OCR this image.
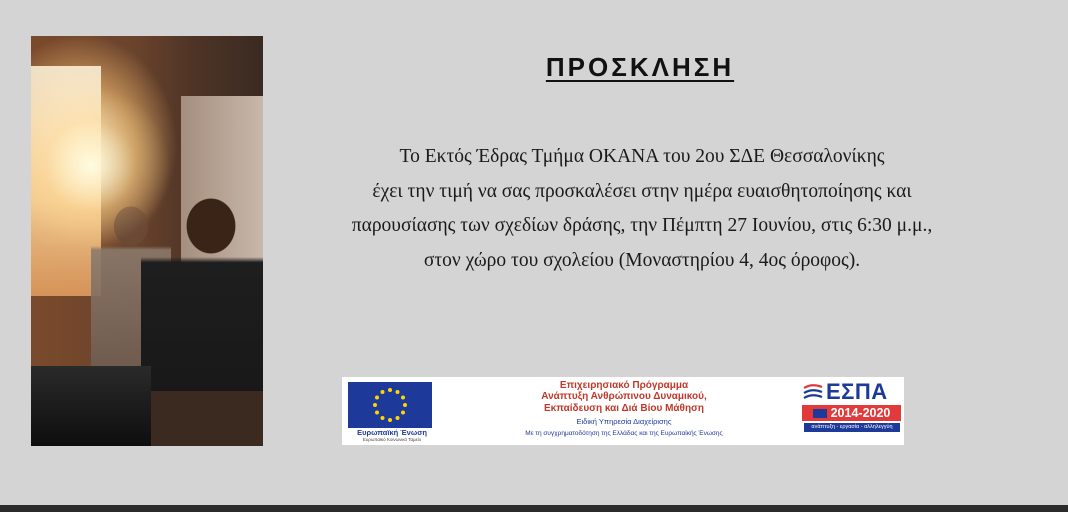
ΠΡΟΣΚΛΗΣΗ
Το Εκτός Έδρας Τμήμα ΟΚΑΝΑ του 2ου ΣΔΕ Θεσσαλονίκης
έχει την τιμή να σας προσκαλέσει στην ημέρα ευαισθητοποίησης και
παρουσίασης των σχεδίων δράσης, την Πέμπτη 27 Ιουνίου, στις 6:30 μ.μ.,
στον χώρο του σχολείου (Μοναστηρίου 4, 4ος όροφος).
Ευρωπαϊκή Ένωση
Ευρωπαϊκό Κοινωνικό Ταμείο
Επιχειρησιακό Πρόγραμμα
Ανάπτυξη Ανθρώπινου Δυναμικού,
Εκπαίδευση και Διά Βίου Μάθηση
Ειδική Υπηρεσία Διαχείρισης
Με τη συγχρηματοδότηση της Ελλάδας και της Ευρωπαϊκής Ένωσης
ΕΣΠΑ
2014-2020
ανάπτυξη - εργασία - αλληλεγγύη
